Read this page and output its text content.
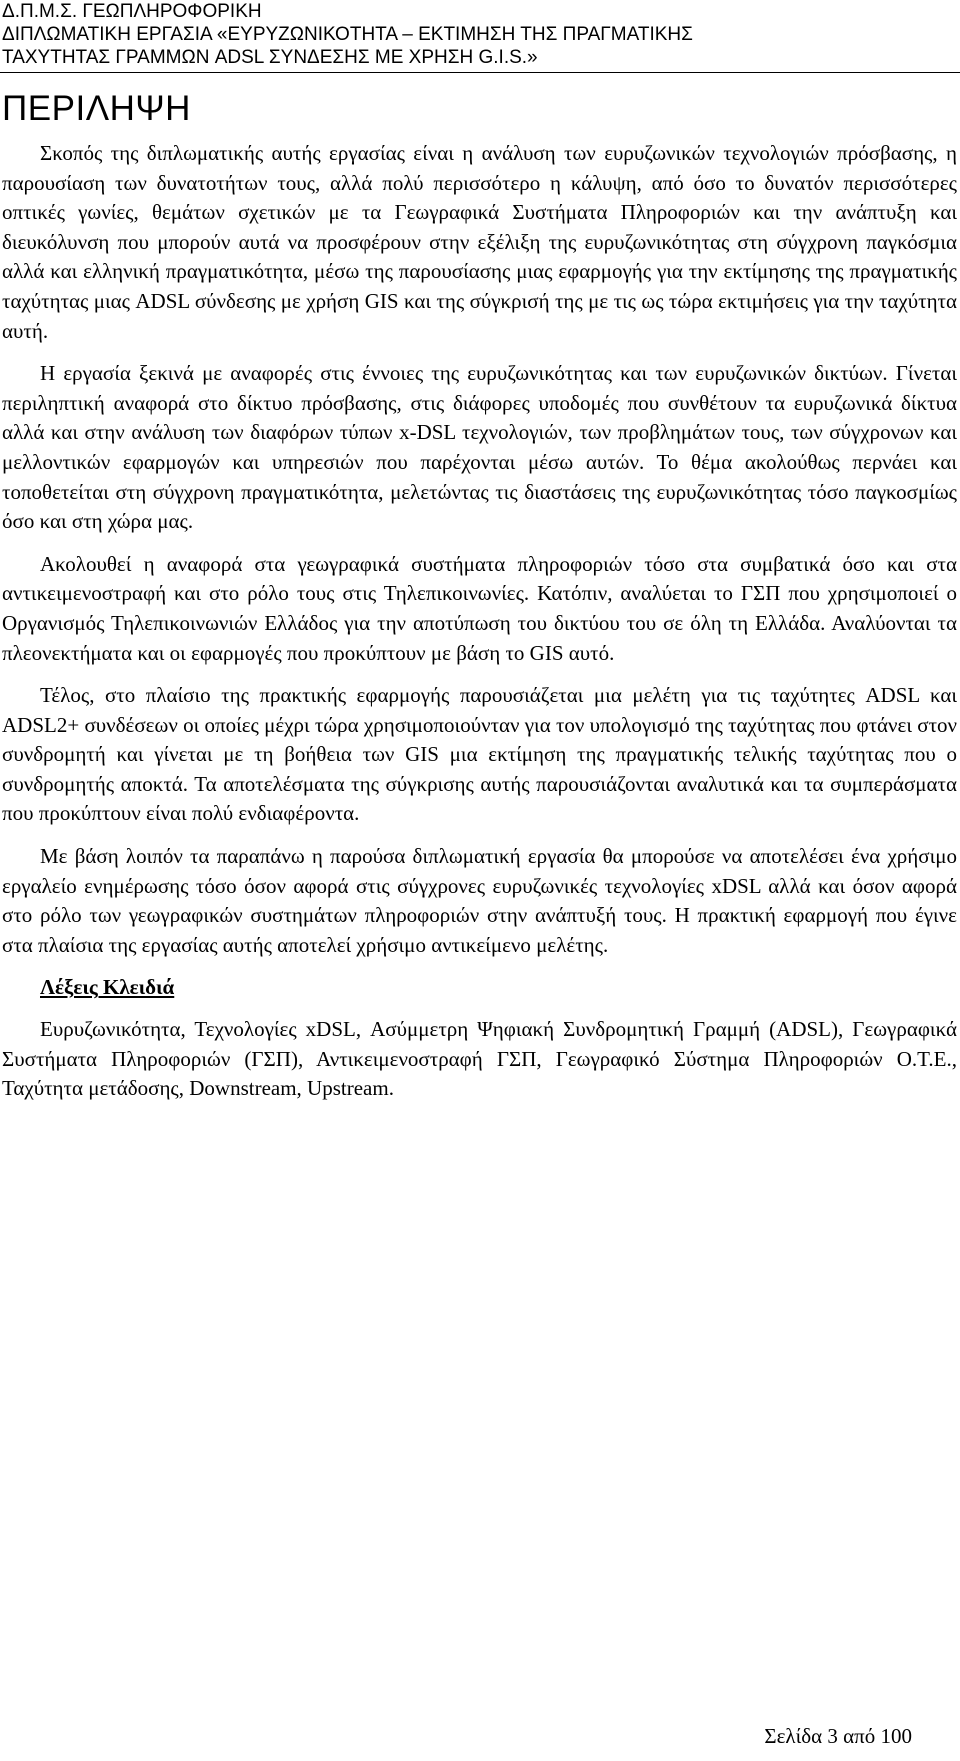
Δ.Π.Μ.Σ. ΓΕΩΠΛΗΡΟΦΟΡΙΚΗ
ΔΙΠΛΩΜΑΤΙΚΗ ΕΡΓΑΣΙΑ «ΕΥΡΥΖΩΝΙΚΟΤΗΤΑ – ΕΚΤΙΜΗΣΗ ΤΗΣ ΠΡΑΓΜΑΤΙΚΗΣ
ΤΑΧΥΤΗΤΑΣ ΓΡΑΜΜΩΝ ADSL ΣΥΝΔΕΣΗΣ ΜΕ ΧΡΗΣΗ G.I.S.»
ΠΕΡΙΛΗΨΗ

Σκοπός της διπλωματικής αυτής εργασίας είναι η ανάλυση των ευρυζωνικών τεχνολογιών πρόσβασης, η παρουσίαση των δυνατοτήτων τους, αλλά πολύ περισσότερο η κάλυψη, από όσο το δυνατόν περισσότερες οπτικές γωνίες, θεμάτων σχετικών με τα Γεωγραφικά Συστήματα Πληροφοριών και την ανάπτυξη και διευκόλυνση που μπορούν αυτά να προσφέρουν στην εξέλιξη της ευρυζωνικότητας στη σύγχρονη παγκόσμια αλλά και ελληνική πραγματικότητα, μέσω της παρουσίασης μιας εφαρμογής για την εκτίμησης της πραγματικής ταχύτητας μιας ADSL σύνδεσης με χρήση GIS και της σύγκρισή της με τις ως τώρα εκτιμήσεις για την ταχύτητα αυτή.

Η εργασία ξεκινά με αναφορές στις έννοιες της ευρυζωνικότητας και των ευρυζωνικών δικτύων. Γίνεται περιληπτική αναφορά στο δίκτυο πρόσβασης, στις διάφορες υποδομές που συνθέτουν τα ευρυζωνικά δίκτυα αλλά και στην ανάλυση των διαφόρων τύπων x-DSL τεχνολογιών, των προβλημάτων τους, των σύγχρονων και μελλοντικών εφαρμογών και υπηρεσιών που παρέχονται μέσω αυτών. Το θέμα ακολούθως περνάει και τοποθετείται στη σύγχρονη πραγματικότητα, μελετώντας τις διαστάσεις της ευρυζωνικότητας τόσο παγκοσμίως όσο και στη χώρα μας.

Ακολουθεί η αναφορά στα γεωγραφικά συστήματα πληροφοριών τόσο στα συμβατικά όσο και στα αντικειμενοστραφή και στο ρόλο τους στις Τηλεπικοινωνίες. Κατόπιν, αναλύεται το ΓΣΠ που χρησιμοποιεί ο Οργανισμός Τηλεπικοινωνιών Ελλάδος για την αποτύπωση του δικτύου του σε όλη τη Ελλάδα. Αναλύονται τα πλεονεκτήματα και οι εφαρμογές που προκύπτουν με βάση το GIS αυτό.

Τέλος, στο πλαίσιο της πρακτικής εφαρμογής παρουσιάζεται μια μελέτη για τις ταχύτητες ADSL και ADSL2+ συνδέσεων οι οποίες μέχρι τώρα χρησιμοποιούνταν για τον υπολογισμό της ταχύτητας που φτάνει στον συνδρομητή και γίνεται με τη βοήθεια των GIS μια εκτίμηση της πραγματικής τελικής ταχύτητας που ο συνδρομητής αποκτά. Τα αποτελέσματα της σύγκρισης αυτής παρουσιάζονται αναλυτικά και τα συμπεράσματα που προκύπτουν είναι πολύ ενδιαφέροντα.

Με βάση λοιπόν τα παραπάνω η παρούσα διπλωματική εργασία θα μπορούσε να αποτελέσει ένα χρήσιμο εργαλείο ενημέρωσης τόσο όσον αφορά στις σύγχρονες ευρυζωνικές τεχνολογίες xDSL αλλά και όσον αφορά στο ρόλο των γεωγραφικών συστημάτων πληροφοριών στην ανάπτυξή τους. Η πρακτική εφαρμογή που έγινε στα πλαίσια της εργασίας αυτής αποτελεί χρήσιμο αντικείμενο μελέτης.

Λέξεις Κλειδιά

Ευρυζωνικότητα, Τεχνολογίες xDSL, Ασύμμετρη Ψηφιακή Συνδρομητική Γραμμή (ADSL), Γεωγραφικά Συστήματα Πληροφοριών (ΓΣΠ), Αντικειμενοστραφή ΓΣΠ, Γεωγραφικό Σύστημα Πληροφοριών Ο.Τ.Ε., Ταχύτητα μετάδοσης, Downstream, Upstream.

Σελίδα 3 από 100
